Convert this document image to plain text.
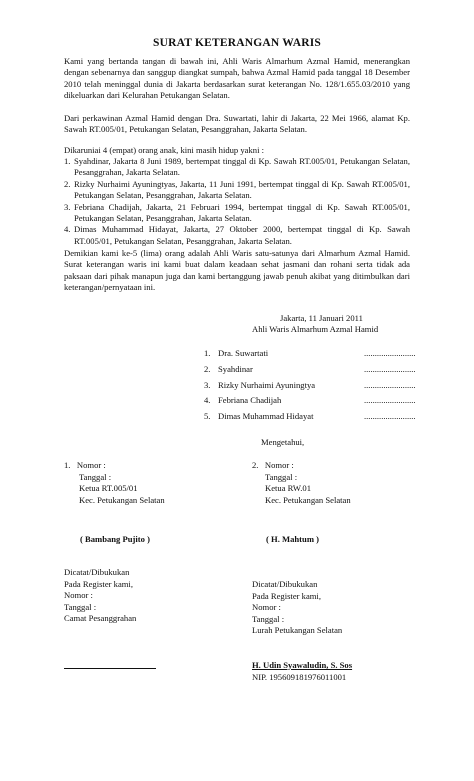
SURAT KETERANGAN WARIS

Kami yang bertanda tangan di bawah ini, Ahli Waris Almarhum Azmal Hamid, menerangkan dengan sebenarnya dan sanggup diangkat sumpah, bahwa Azmal Hamid pada tanggal 18 Desember 2010 telah meninggal dunia di Jakarta berdasarkan surat keterangan No. 128/1.655.03/2010 yang dikeluarkan dari Kelurahan Petukangan Selatan.

Dari perkawinan Azmal Hamid dengan Dra. Suwartati, lahir di Jakarta, 22 Mei 1966, alamat Kp. Sawah RT.005/01, Petukangan Selatan, Pesanggrahan, Jakarta Selatan.

Dikaruniai 4 (empat) orang anak, kini masih hidup yakni :

1. Syahdinar, Jakarta 8 Juni 1989, bertempat tinggal di Kp. Sawah RT.005/01, Petukangan Selatan, Pesanggrahan, Jakarta Selatan.
2. Rizky Nurhaimi Ayuningtyas, Jakarta, 11 Juni 1991, bertempat tinggal di Kp. Sawah RT.005/01, Petukangan Selatan, Pesanggrahan, Jakarta Selatan.
3. Febriana Chadijah, Jakarta, 21 Februari 1994, bertempat tinggal di Kp. Sawah RT.005/01, Petukangan Selatan, Pesanggrahan, Jakarta Selatan.
4. Dimas Muhammad Hidayat, Jakarta, 27 Oktober 2000, bertempat tinggal di Kp. Sawah RT.005/01, Petukangan Selatan, Pesanggrahan, Jakarta Selatan.

Demikian kami ke-5 (lima) orang adalah Ahli Waris satu-satunya dari Almarhum Azmal Hamid. Surat keterangan waris ini kami buat dalam keadaan sehat jasmani dan rohani serta tidak ada paksaan dari pihak manapun juga dan kami bertanggung jawab penuh akibat yang ditimbulkan dari keterangan/pernyataan ini.

Jakarta, 11 Januari 2011
Ahli Waris Almarhum Azmal Hamid
1. Dra. Suwartati	........................
2. Syahdinar	........................
3. Rizky Nurhaimi Ayuningtya	........................
4. Febriana Chadijah	........................
5. Dimas Muhammad Hidayat	........................
Mengetahui,
1. Nomor :
Tanggal :
Ketua RT.005/01
Kec. Petukangan Selatan
2. Nomor :
Tanggal :
Ketua RW.01
Kec. Petukangan Selatan
( Bambang Pujito )	( H. Mahtum )
Dicatat/Dibukukan
Pada Register kami,
Nomor :
Tanggal :
Camat Pesanggrahan
Dicatat/Dibukukan
Pada Register kami,
Nomor :
Tanggal :
Lurah Petukangan Selatan
H. Udin Syawaludin, S. Sos
NIP. 195609181976011001
